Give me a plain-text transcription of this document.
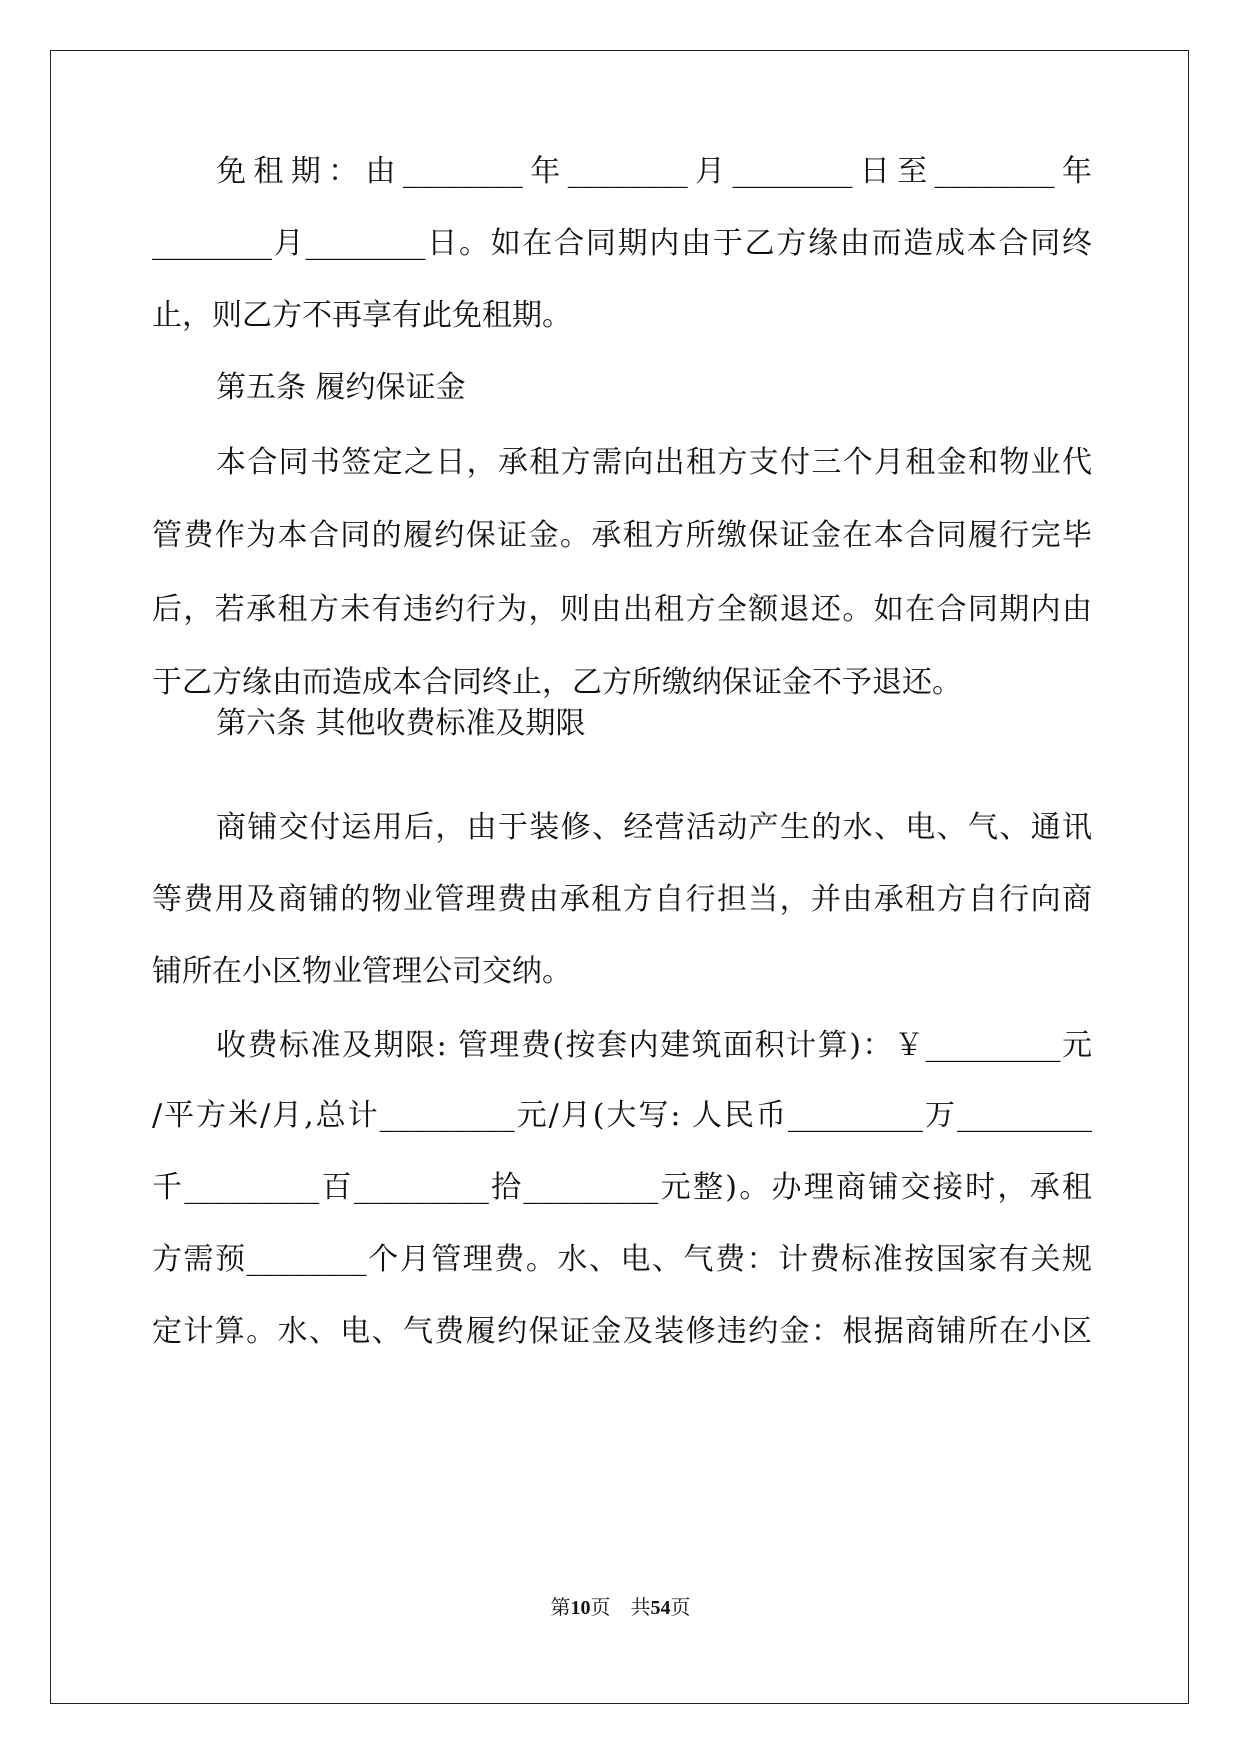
免租期：由________年________月________日至________年
________月________日。如在合同期内由于乙方缘由而造成本合同终
止，则乙方不再享有此免租期。
第五条 履约保证金
本合同书签定之日，承租方需向出租方支付三个月租金和物业代
管费作为本合同的履约保证金。承租方所缴保证金在本合同履行完毕
后，若承租方未有违约行为，则由出租方全额退还。如在合同期内由
于乙方缘由而造成本合同终止，乙方所缴纳保证金不予退还。
第六条 其他收费标准及期限
商铺交付运用后，由于装修、经营活动产生的水、电、气、通讯
等费用及商铺的物业管理费由承租方自行担当，并由承租方自行向商
铺所在小区物业管理公司交纳。
收费标准及期限: 管理费(按套内建筑面积计算)：￥_________元
/平方米/月,总计_________元/月(大写: 人民币_________万_________
千_________百_________拾_________元整)。办理商铺交接时，承租
方需预________个月管理费。水、电、气费：计费标准按国家有关规
定计算。水、电、气费履约保证金及装修违约金：根据商铺所在小区
第10页　共54页
